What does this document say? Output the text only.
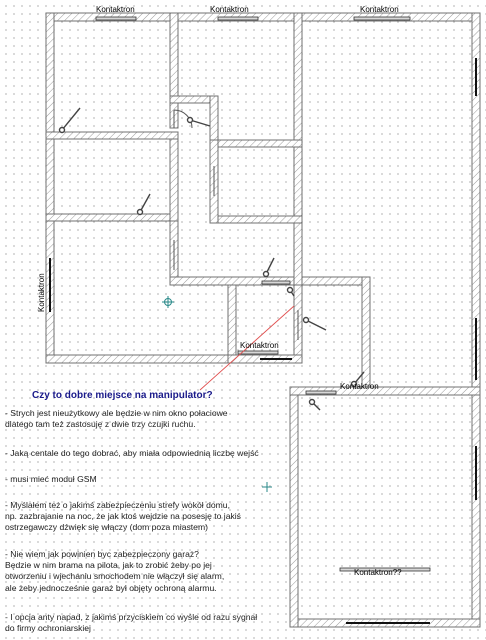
Kontaktron	Kontaktron	Kontaktron
Kontaktron
Kontaktron
Kontaktron
Kontaktron??
Czy to dobre miejsce na manipulator?
- Strych jest nieużytkowy ale będzie w nim okno połaciowe
dlatego tam też zastosuję z dwie trzy czujki ruchu.
- Jaką centale do tego dobrać, aby miała odpowiednią liczbę wejść
- musi mieć moduł GSM
- Myślałem też o jakimś zabezpieczeniu strefy wokół domu,
np. zazbrajanie na noc, że jak ktoś wejdzie na posesję to jakiś
ostrzegawczy dźwięk się włączy (dom poza miastem)
- Nie wiem jak powinien byc zabezpieczony garaż?
Będzie w nim brama na pilota, jak to zrobić żeby po jej
otworzeniu i wjechaniu smochodem nie włączył się alarm,
ale żeby jednocześnie garaż był objęty ochroną alarmu.
- I opcja anty napad, z jakimś przyciskiem co wyśle od razu sygnał
do firmy ochroniarskiej
